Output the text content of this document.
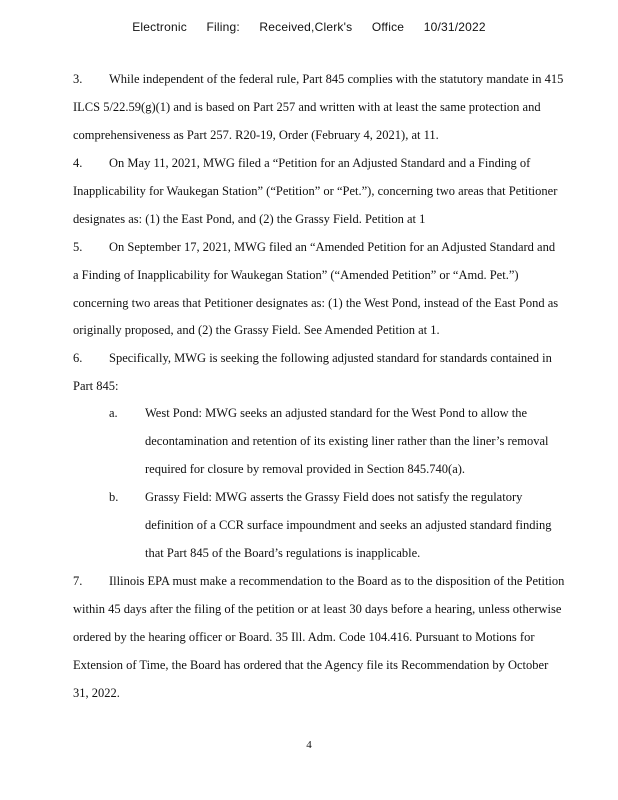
Electronic Filing: Received,Clerk's Office 10/31/2022
3. While independent of the federal rule, Part 845 complies with the statutory mandate in 415
ILCS 5/22.59(g)(1) and is based on Part 257 and written with at least the same protection and
comprehensiveness as Part 257. R20-19, Order (February 4, 2021), at 11.
4. On May 11, 2021, MWG filed a “Petition for an Adjusted Standard and a Finding of
Inapplicability for Waukegan Station” (“Petition” or “Pet.”), concerning two areas that Petitioner
designates as: (1) the East Pond, and (2) the Grassy Field. Petition at 1
5. On September 17, 2021, MWG filed an “Amended Petition for an Adjusted Standard and
a Finding of Inapplicability for Waukegan Station” (“Amended Petition” or “Amd. Pet.”)
concerning two areas that Petitioner designates as: (1) the West Pond, instead of the East Pond as
originally proposed, and (2) the Grassy Field. See Amended Petition at 1.
6. Specifically, MWG is seeking the following adjusted standard for standards contained in
Part 845:
a. West Pond: MWG seeks an adjusted standard for the West Pond to allow the
decontamination and retention of its existing liner rather than the liner’s removal
required for closure by removal provided in Section 845.740(a).
b. Grassy Field: MWG asserts the Grassy Field does not satisfy the regulatory
definition of a CCR surface impoundment and seeks an adjusted standard finding
that Part 845 of the Board’s regulations is inapplicable.
7. Illinois EPA must make a recommendation to the Board as to the disposition of the Petition
within 45 days after the filing of the petition or at least 30 days before a hearing, unless otherwise
ordered by the hearing officer or Board. 35 Ill. Adm. Code 104.416. Pursuant to Motions for
Extension of Time, the Board has ordered that the Agency file its Recommendation by October
31, 2022.
4
